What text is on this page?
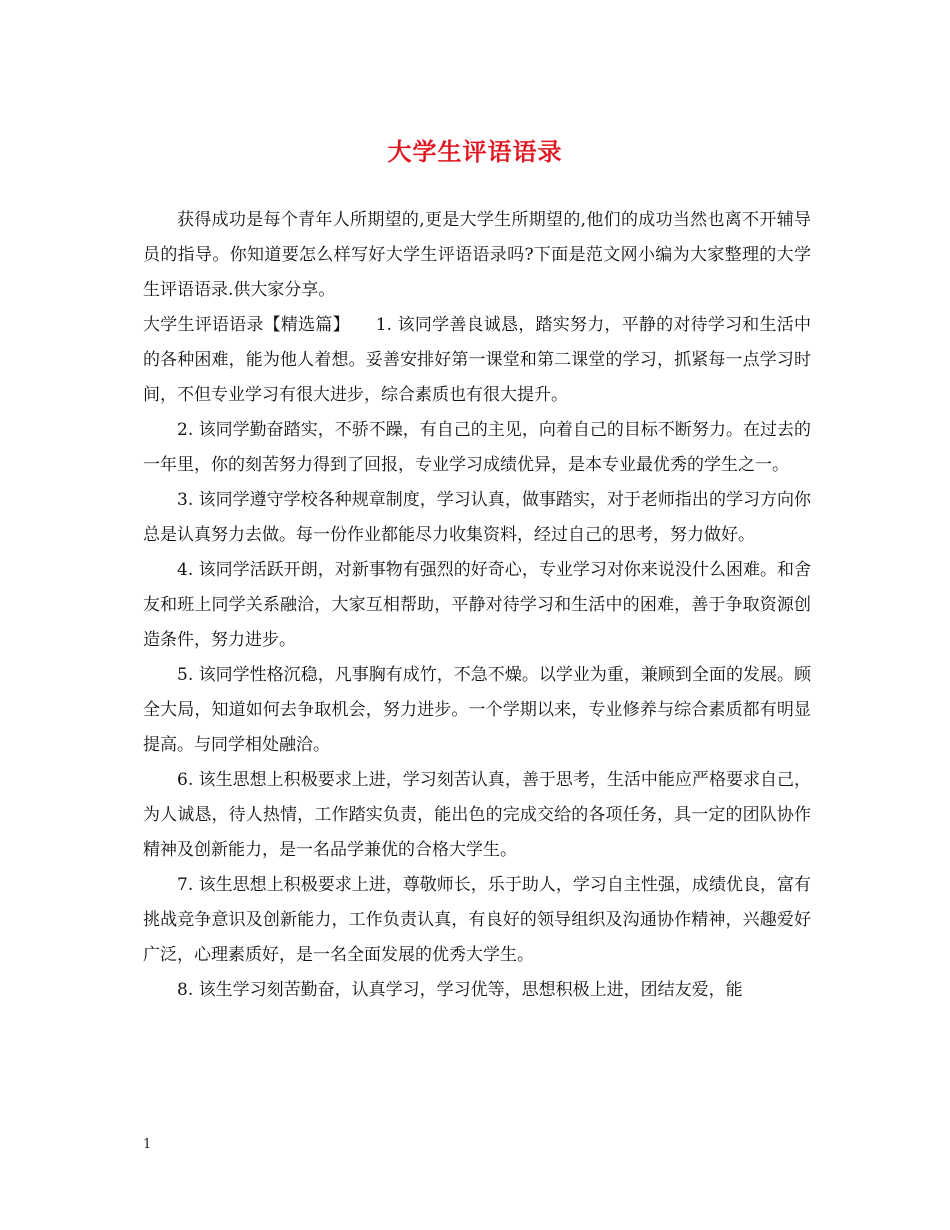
大学生评语语录

获得成功是每个青年人所期望的,更是大学生所期望的,他们的成功当然也离不开辅导员的指导。你知道要怎么样写好大学生评语语录吗?下面是范文网小编为大家整理的大学生评语语录.供大家分享。

大学生评语语录【精选篇】　　1. 该同学善良诚恳，踏实努力，平静的对待学习和生活中的各种困难，能为他人着想。妥善安排好第一课堂和第二课堂的学习，抓紧每一点学习时间，不但专业学习有很大进步，综合素质也有很大提升。

2. 该同学勤奋踏实，不骄不躁，有自己的主见，向着自己的目标不断努力。在过去的一年里，你的刻苦努力得到了回报，专业学习成绩优异，是本专业最优秀的学生之一。

3. 该同学遵守学校各种规章制度，学习认真，做事踏实，对于老师指出的学习方向你总是认真努力去做。每一份作业都能尽力收集资料，经过自己的思考，努力做好。

4. 该同学活跃开朗，对新事物有强烈的好奇心，专业学习对你来说没什么困难。和舍友和班上同学关系融洽，大家互相帮助，平静对待学习和生活中的困难，善于争取资源创造条件，努力进步。

5. 该同学性格沉稳，凡事胸有成竹，不急不燥。以学业为重，兼顾到全面的发展。顾全大局，知道如何去争取机会，努力进步。一个学期以来，专业修养与综合素质都有明显提高。与同学相处融洽。

6. 该生思想上积极要求上进，学习刻苦认真，善于思考，生活中能应严格要求自己，为人诚恳，待人热情，工作踏实负责，能出色的完成交给的各项任务，具一定的团队协作精神及创新能力，是一名品学兼优的合格大学生。

7. 该生思想上积极要求上进，尊敬师长，乐于助人，学习自主性强，成绩优良，富有挑战竞争意识及创新能力，工作负责认真，有良好的领导组织及沟通协作精神，兴趣爱好广泛，心理素质好，是一名全面发展的优秀大学生。

8. 该生学习刻苦勤奋，认真学习，学习优等，思想积极上进，团结友爱，能

1
